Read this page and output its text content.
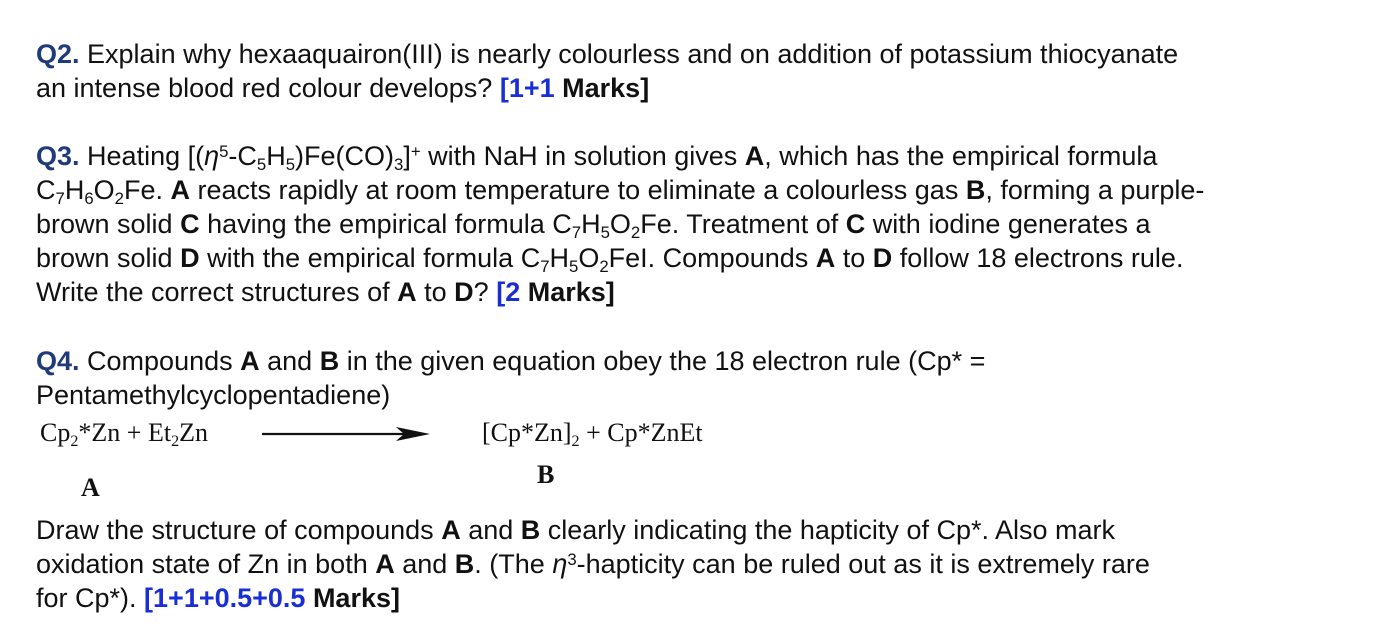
Q2. Explain why hexaaquairon(III) is nearly colourless and on addition of potassium thiocyanate
an intense blood red colour develops? [1+1 Marks]
Q3. Heating $[(\eta^5-C_5H_5)Fe(CO)_3]^+$ with NaH in solution gives A, which has the empirical formula
$C_7H_6O_2Fe$. A reacts rapidly at room temperature to eliminate a colourless gas B, forming a purple-
brown solid C having the empirical formula $C_7H_5O_2Fe$. Treatment of C with iodine generates a
brown solid D with the empirical formula $C_7H_5O_2FeI$. Compounds A to D follow 18 electrons rule.
Write the correct structures of A to D? [2 Marks]
Q4. Compounds A and B in the given equation obey the 18 electron rule (Cp* =
Pentamethylcyclopentadiene)
$Cp_2*Zn + Et_2Zn$	$[Cp*Zn]_2$ + Cp*ZnEt
B
A
Draw the structure of compounds A and B clearly indicating the hapticity of Cp*. Also mark
oxidation state of Zn in both A and B. (The $\eta^3$-hapticity can be ruled out as it is extremely rare
for Cp*). [1+1+0.5+0.5 Marks]
